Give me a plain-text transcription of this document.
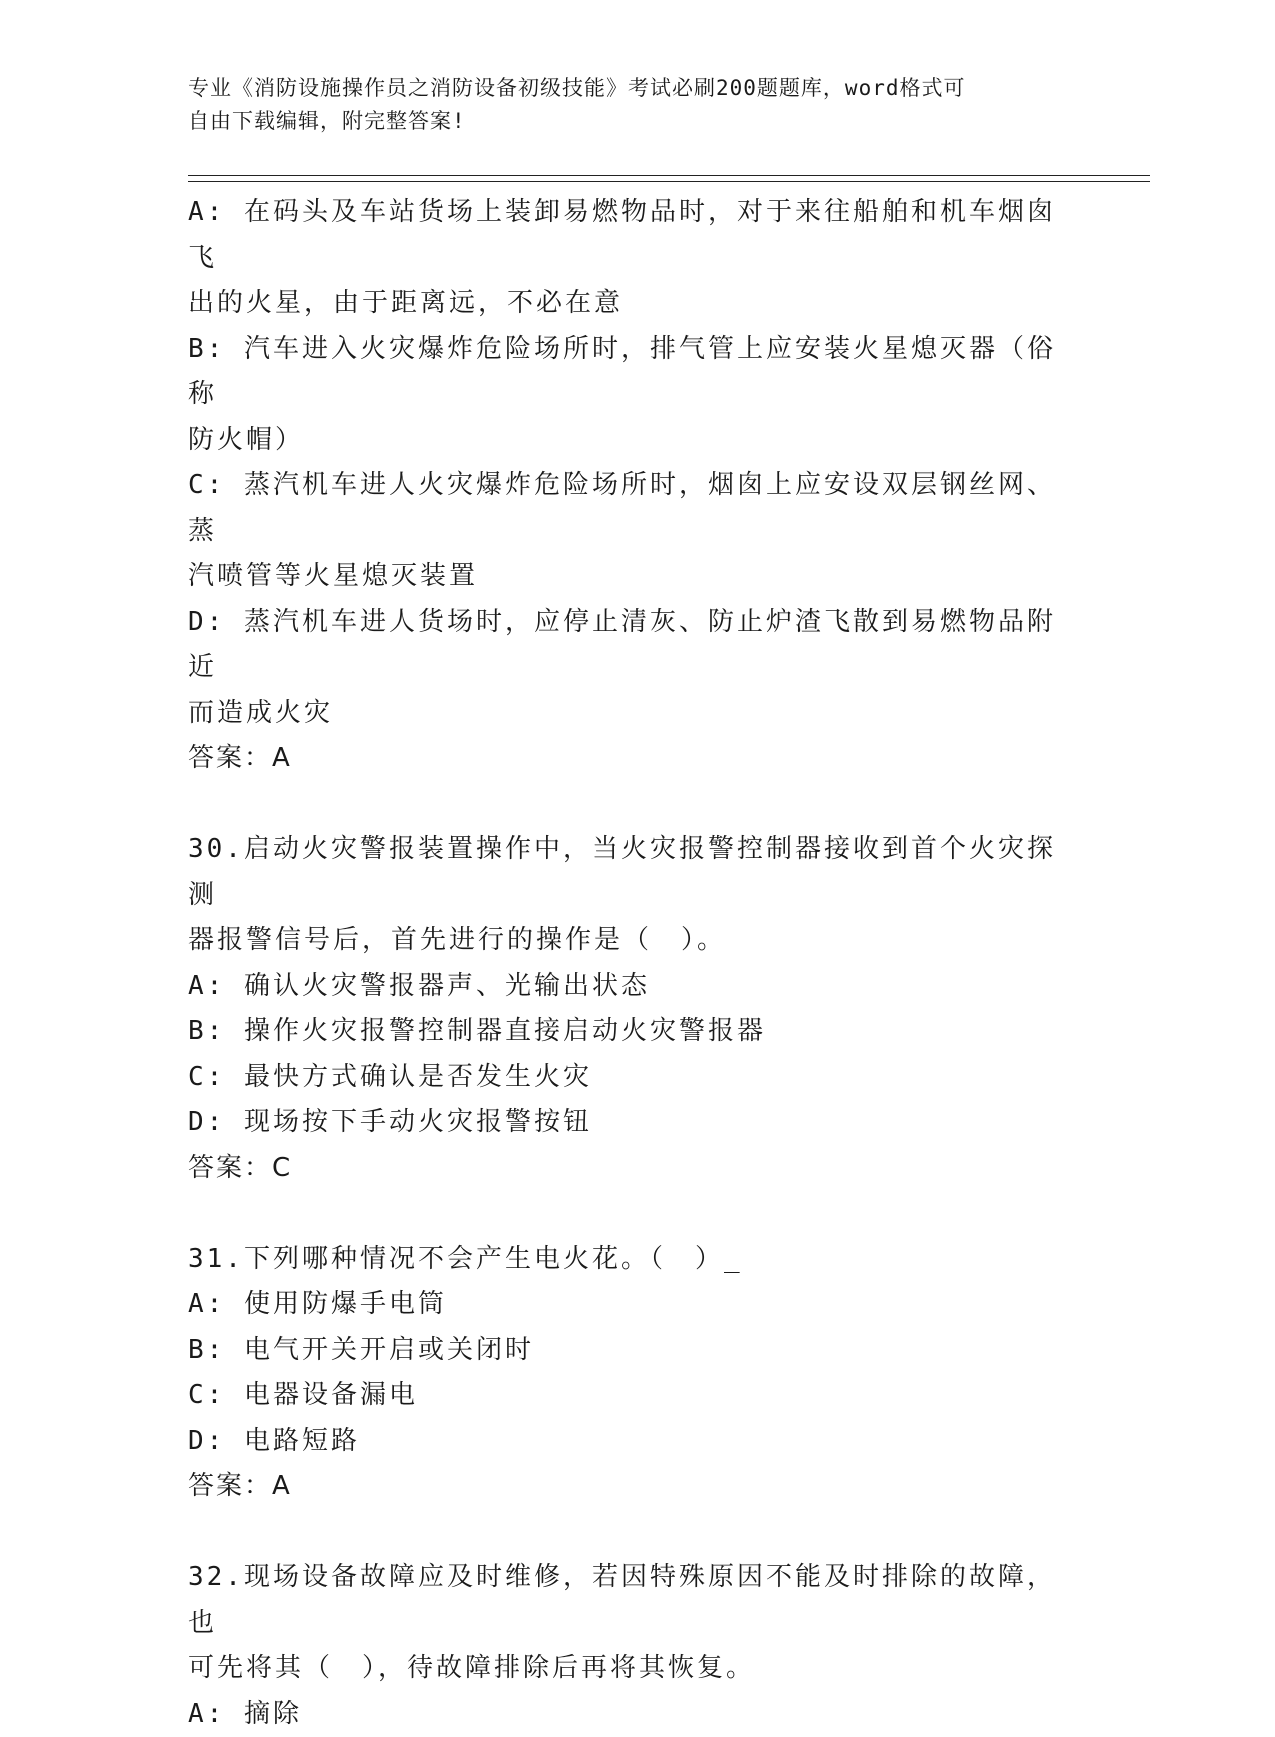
专业《消防设施操作员之消防设备初级技能》考试必刷200题题库，word格式可
自由下载编辑，附完整答案!

A: 在码头及车站货场上装卸易燃物品时，对于来往船舶和机车烟囱飞

出的火星，由于距离远，不必在意

B: 汽车进入火灾爆炸危险场所时，排气管上应安装火星熄灭器（俗称

防火帽）

C: 蒸汽机车进人火灾爆炸危险场所时，烟囱上应安设双层钢丝网、蒸

汽喷管等火星熄灭装置

D: 蒸汽机车进人货场时，应停止清灰、防止炉渣飞散到易燃物品附近

而造成火灾

答案：A

30.启动火灾警报装置操作中，当火灾报警控制器接收到首个火灾探测

器报警信号后，首先进行的操作是（　）。

A: 确认火灾警报器声、光输出状态

B: 操作火灾报警控制器直接启动火灾警报器

C: 最快方式确认是否发生火灾

D: 现场按下手动火灾报警按钮

答案：C

31.下列哪种情况不会产生电火花。（　）_

A: 使用防爆手电筒

B: 电气开关开启或关闭时

C: 电器设备漏电

D: 电路短路

答案：A

32.现场设备故障应及时维修，若因特殊原因不能及时排除的故障，也

可先将其（　），待故障排除后再将其恢复。

A: 摘除
